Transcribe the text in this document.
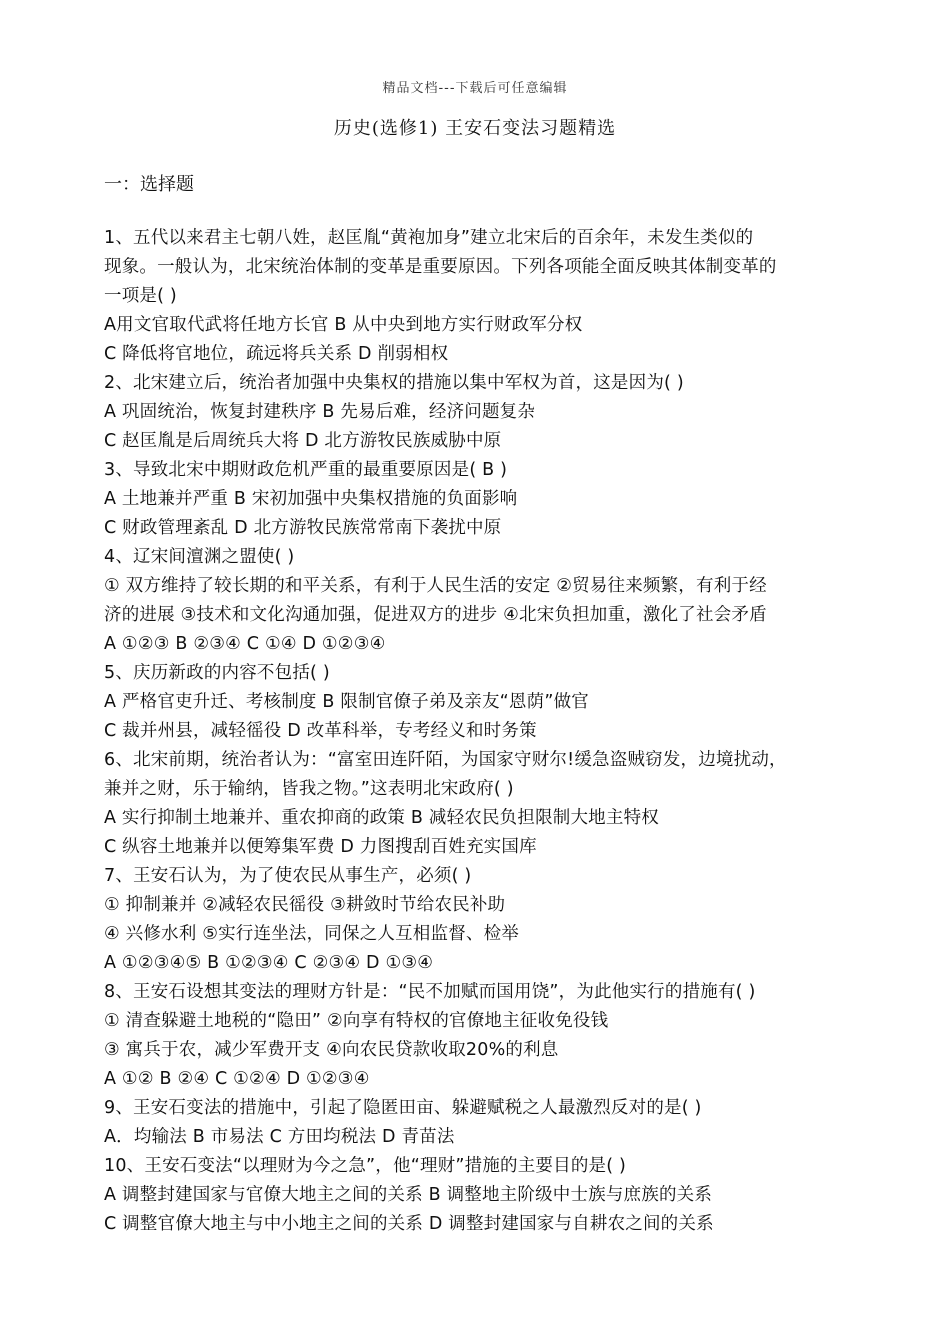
精品文档---下载后可任意编辑
历史(选修1) 王安石变法习题精选
一：选择题
1、五代以来君主七朝八姓，赵匡胤“黄袍加身”建立北宋后的百余年，未发生类似的
现象。一般认为，北宋统治体制的变革是重要原因。下列各项能全面反映其体制变革的
一项是( )
A用文官取代武将任地方长官 B 从中央到地方实行财政军分权
C 降低将官地位，疏远将兵关系 D 削弱相权
2、北宋建立后，统治者加强中央集权的措施以集中军权为首，这是因为( )
A 巩固统治，恢复封建秩序 B 先易后难，经济问题复杂
C 赵匡胤是后周统兵大将 D 北方游牧民族威胁中原
3、导致北宋中期财政危机严重的最重要原因是( B )
A 土地兼并严重 B 宋初加强中央集权措施的负面影响
C 财政管理紊乱 D 北方游牧民族常常南下袭扰中原
4、辽宋间澶渊之盟使( )
① 双方维持了较长期的和平关系，有利于人民生活的安定 ②贸易往来频繁，有利于经
济的进展 ③技术和文化沟通加强，促进双方的进步 ④北宋负担加重，激化了社会矛盾
A ①②③ B ②③④ C ①④ D ①②③④
5、庆历新政的内容不包括( )
A 严格官吏升迁、考核制度 B 限制官僚子弟及亲友“恩荫”做官
C 裁并州县，减轻徭役 D 改革科举，专考经义和时务策
6、北宋前期，统治者认为：“富室田连阡陌，为国家守财尔!缓急盗贼窃发，边境扰动，
兼并之财，乐于输纳，皆我之物。”这表明北宋政府( )
A 实行抑制土地兼并、重农抑商的政策 B 减轻农民负担限制大地主特权
C 纵容土地兼并以便筹集军费 D 力图搜刮百姓充实国库
7、王安石认为，为了使农民从事生产，必须( )
① 抑制兼并 ②减轻农民徭役 ③耕敛时节给农民补助
④ 兴修水利 ⑤实行连坐法，同保之人互相监督、检举
A ①②③④⑤ B ①②③④ C ②③④ D ①③④
8、王安石设想其变法的理财方针是：“民不加赋而国用饶”，为此他实行的措施有( )
① 清查躲避土地税的“隐田” ②向享有特权的官僚地主征收免役钱
③ 寓兵于农，减少军费开支 ④向农民贷款收取20%的利息
A ①② B ②④ C ①②④ D ①②③④
9、王安石变法的措施中，引起了隐匿田亩、躲避赋税之人最激烈反对的是( )
A．均输法 B 市易法 C 方田均税法 D 青苗法
10、王安石变法“以理财为今之急”，他“理财”措施的主要目的是( )
A 调整封建国家与官僚大地主之间的关系 B 调整地主阶级中士族与庶族的关系
C 调整官僚大地主与中小地主之间的关系 D 调整封建国家与自耕农之间的关系
